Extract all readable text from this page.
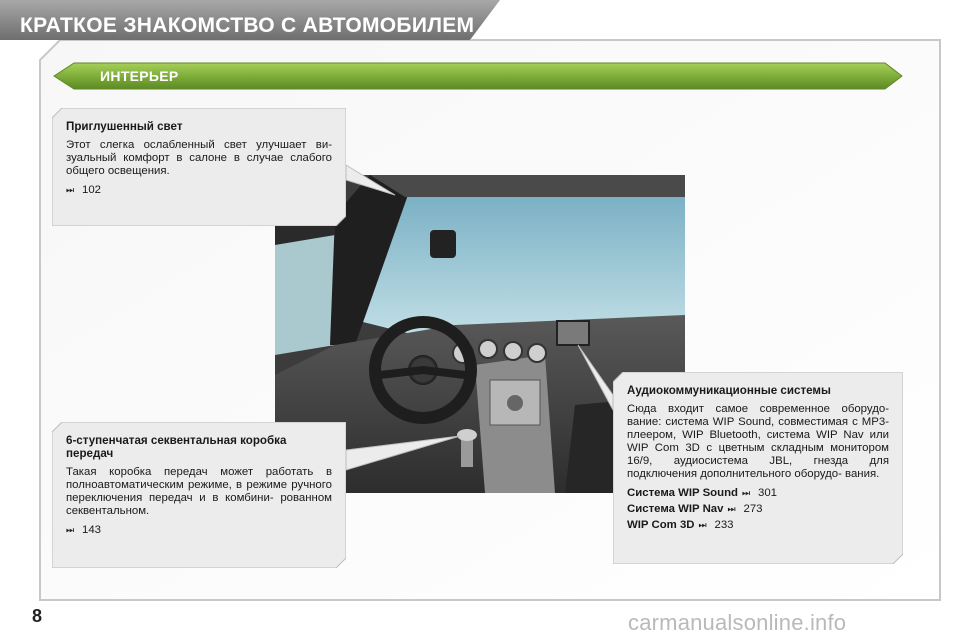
КРАТКОЕ ЗНАКОМСТВО С АВТОМОБИЛЕМ
ИНТЕРЬЕР
Приглушенный свет

Этот слегка ослабленный свет улучшает ви- зуальный комфорт в салоне в случае слабого общего освещения.

⏭ 102
6-ступенчатая секвентальная коробка передач

Такая коробка передач может работать в полноавтоматическим режиме, в режиме ручного переключения передач и в комбини- рованном секвентальном.

⏭ 143
Аудиокоммуникационные системы

Сюда входит самое современное оборудо- вание: система WIP Sound, совместимая с MP3-плеером, WIP Bluetooth, система WIP Nav или WIP Com 3D с цветным складным монитором 16/9, аудиосистема JBL, гнезда для подключения дополнительного оборудо- вания.

Система WIP Sound ⏭ 301
Система WIP Nav ⏭ 273
WIP Com 3D ⏭ 233
8	carmanualsonline.info
